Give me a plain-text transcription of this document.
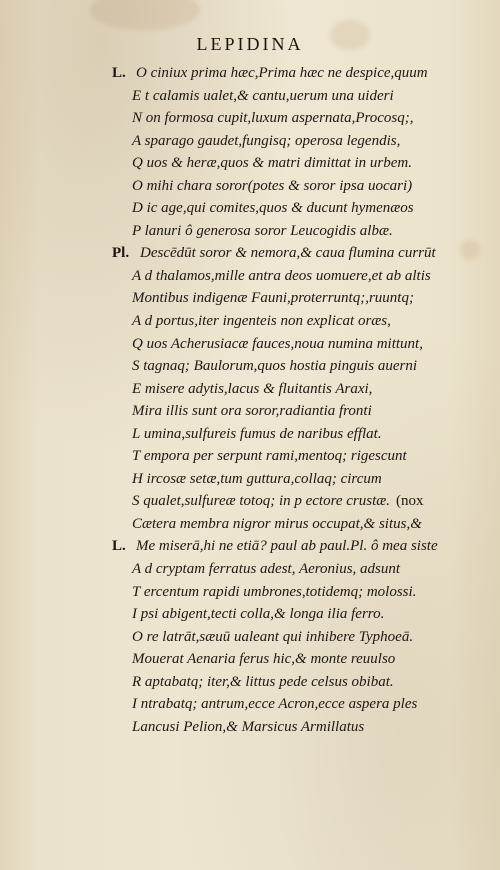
LEPIDINA
L. O ciniux prima hæc,Prima hæc ne despice,quum
E t calamis ualet,& cantu,uerum una uideri
N on formosa cupit,luxum aspernata,Procosq;,
A sparago gaudet,fungisq; operosa legendis,
Q uos & heræ,quos & matri dimittat in urbem.
O mihi chara soror(potes & soror ipsa uocari)
D ic age,qui comites,quos & ducunt hymenæos
P lanuri ô generosa soror Leucogidis albæ.
Pl. Descēdūt soror & nemora,& caua flumina currūt
A d thalamos,mille antra deos uomuere,et ab altis
Montibus indigenæ Fauni,proterruntq;,ruuntq;
A d portus,iter ingenteis non explicat oræs,
Q uos Acherusiacæ fauces,noua numina mittunt,
S tagnaq; Baulorum,quos hostia pinguis auerni
E misere adytis,lacus & fluitantis Araxi,
Mira illis sunt ora soror,radiantia fronti
L umina,sulfureis fumus de naribus efflat.
T empora per serpunt rami,mentoq; rigescunt
H ircosæ setæ,tum guttura,collaq; circum
S qualet,sulfureæ totoq; in p ectore crustæ. (nox
Cætera membra nigror mirus occupat,& situs,&
L. Me miserā,hi ne etiā? paul ab paul.Pl. ô mea siste
A d cryptam ferratus adest, Aeronius, adsunt
T ercentum rapidi umbrones,totidemq; molossi.
I psi abigent,tecti colla,& longa ilia ferro.
O re latrāt,sæuū ualeant qui inhibere Typhoeā.
Mouerat Aenaria ferus hic,& monte reuulso
R aptabatq; iter,& littus pede celsus obibat.
I ntrabatq; antrum,ecce Acron,ecce aspera ples
Lancusi Pelion,& Marsicus Armillatus
